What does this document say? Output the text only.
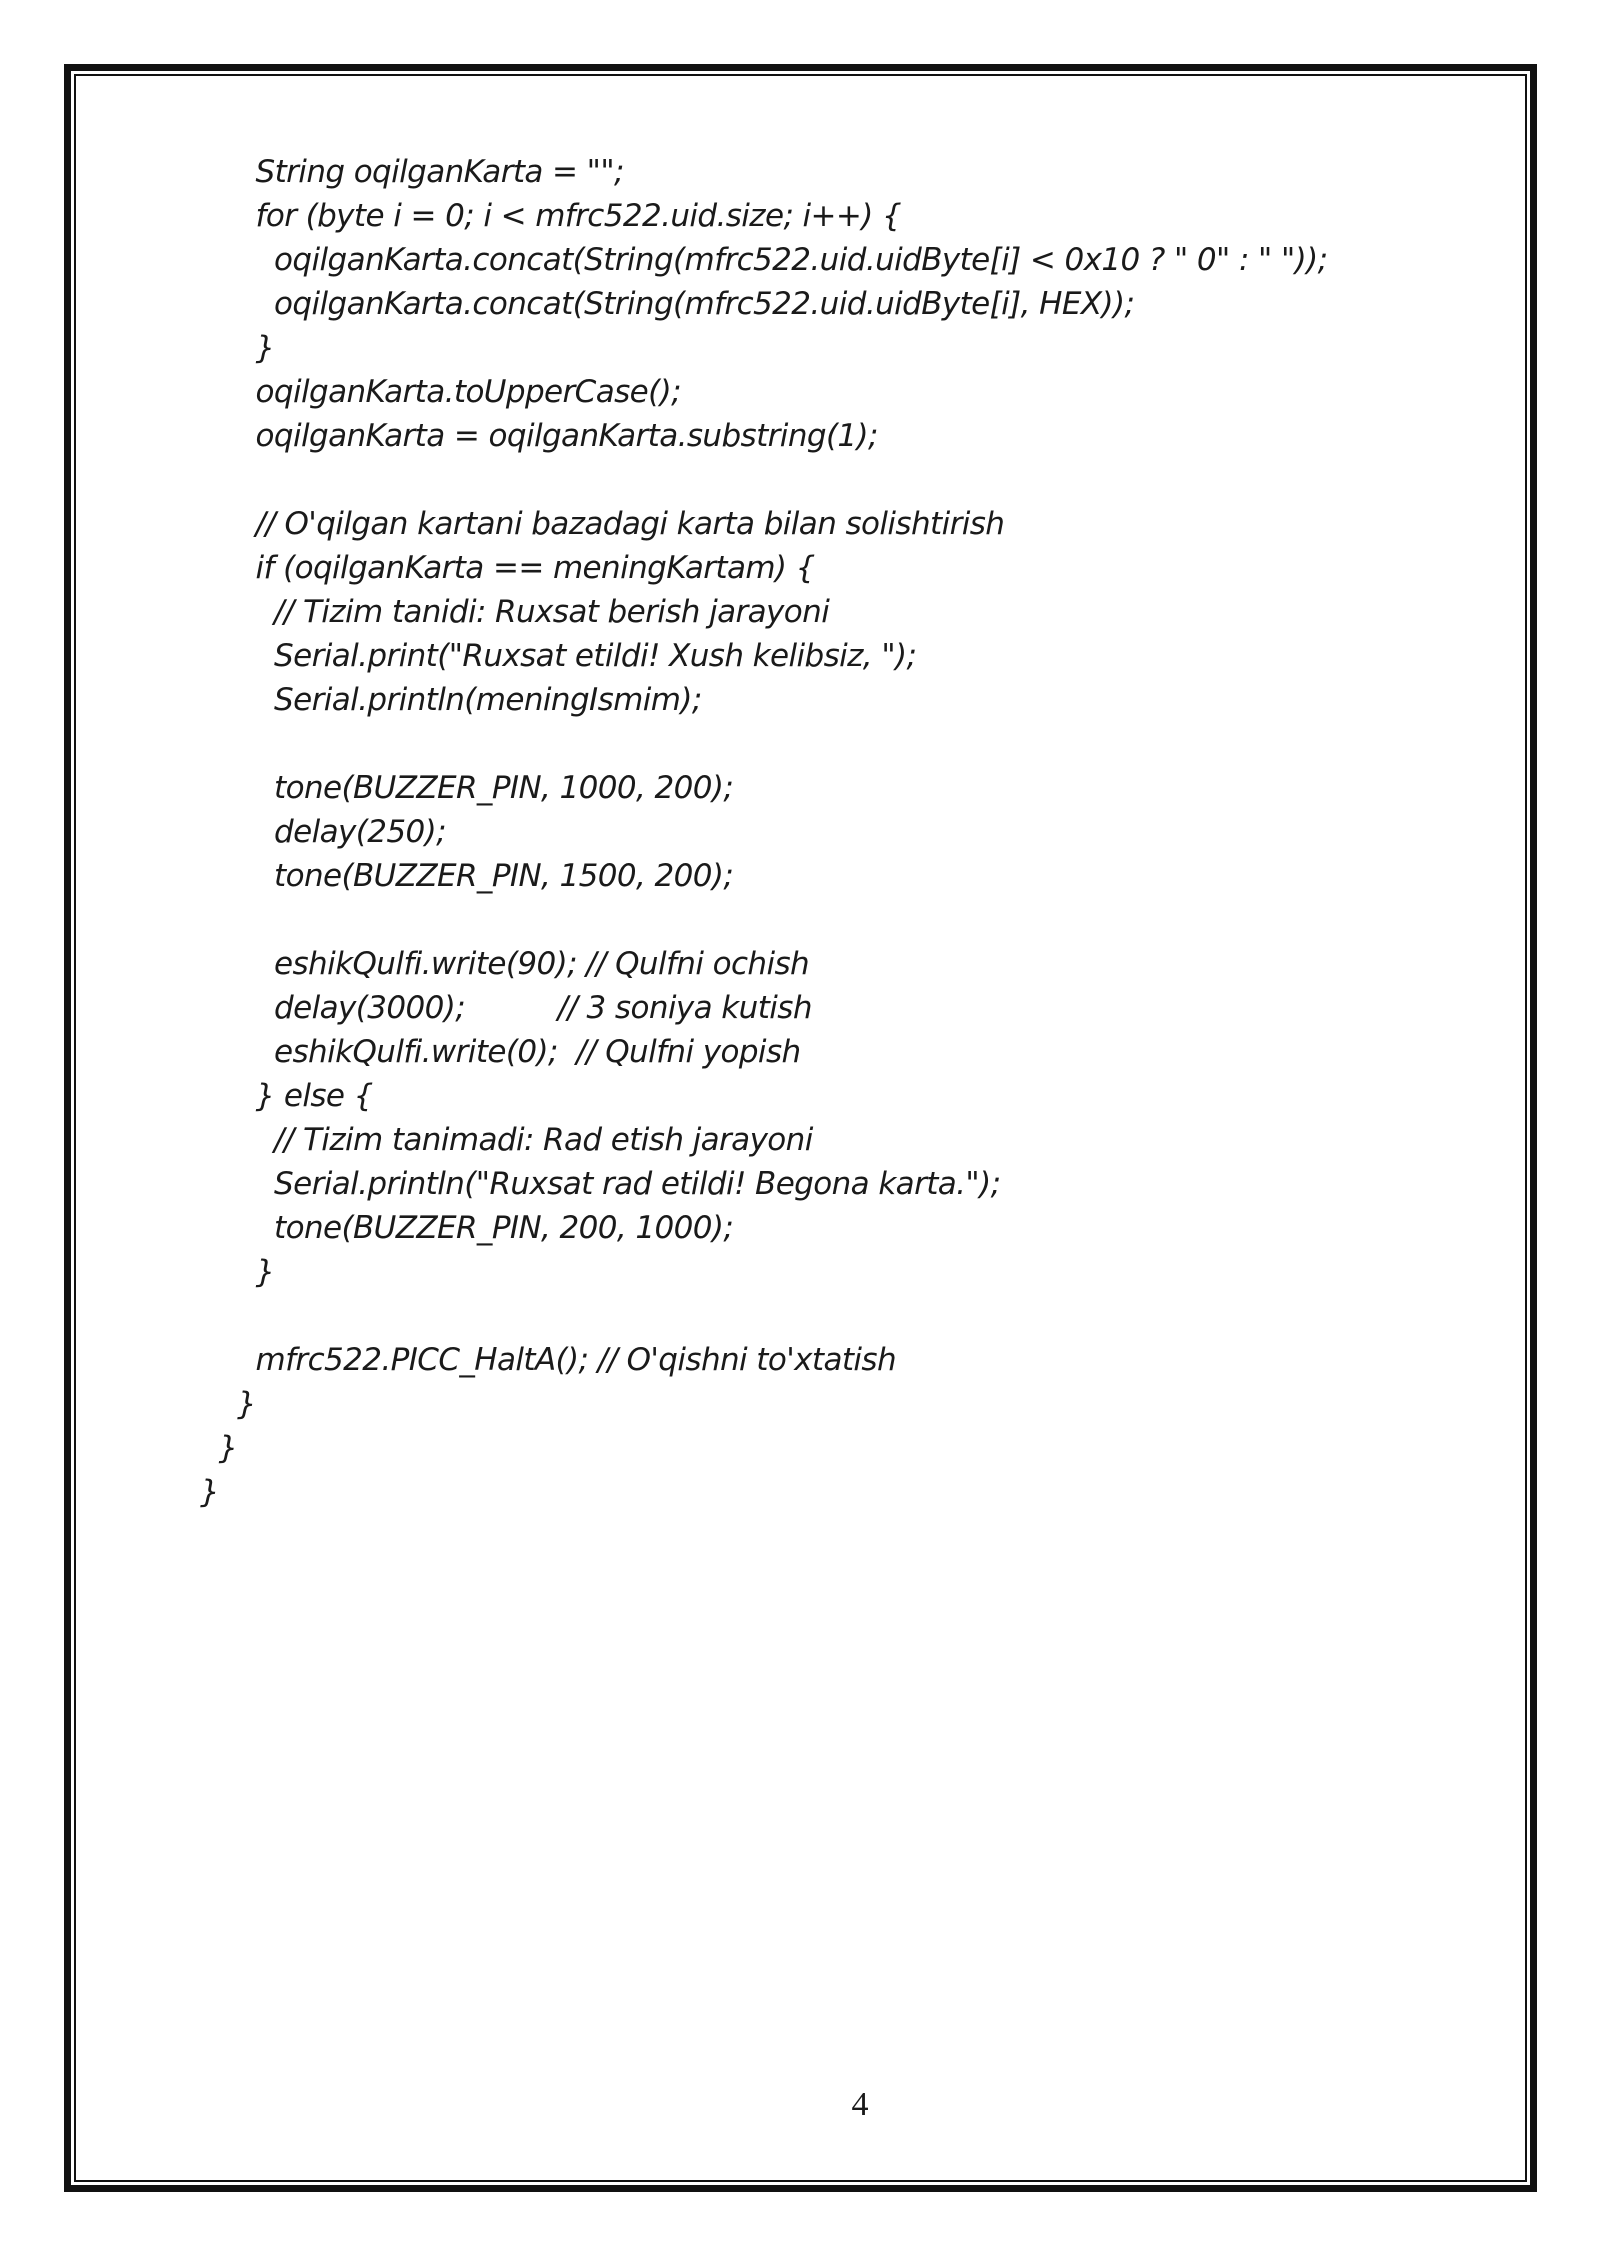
String oqilganKarta = "";
for (byte i = 0; i < mfrc522.uid.size; i++) {
oqilganKarta.concat(String(mfrc522.uid.uidByte[i] < 0x10 ? " 0" : " "));
oqilganKarta.concat(String(mfrc522.uid.uidByte[i], HEX));
}
oqilganKarta.toUpperCase();
oqilganKarta = oqilganKarta.substring(1);
// O'qilgan kartani bazadagi karta bilan solishtirish
if (oqilganKarta == meningKartam) {
// Tizim tanidi: Ruxsat berish jarayoni
Serial.print("Ruxsat etildi! Xush kelibsiz, ");
Serial.println(meningIsmim);
tone(BUZZER_PIN, 1000, 200);
delay(250);
tone(BUZZER_PIN, 1500, 200);
eshikQulfi.write(90); // Qulfni ochish
delay(3000);          // 3 soniya kutish
eshikQulfi.write(0);  // Qulfni yopish
} else {
// Tizim tanimadi: Rad etish jarayoni
Serial.println("Ruxsat rad etildi! Begona karta.");
tone(BUZZER_PIN, 200, 1000);
}
mfrc522.PICC_HaltA(); // O'qishni to'xtatish
}
}
}
4
